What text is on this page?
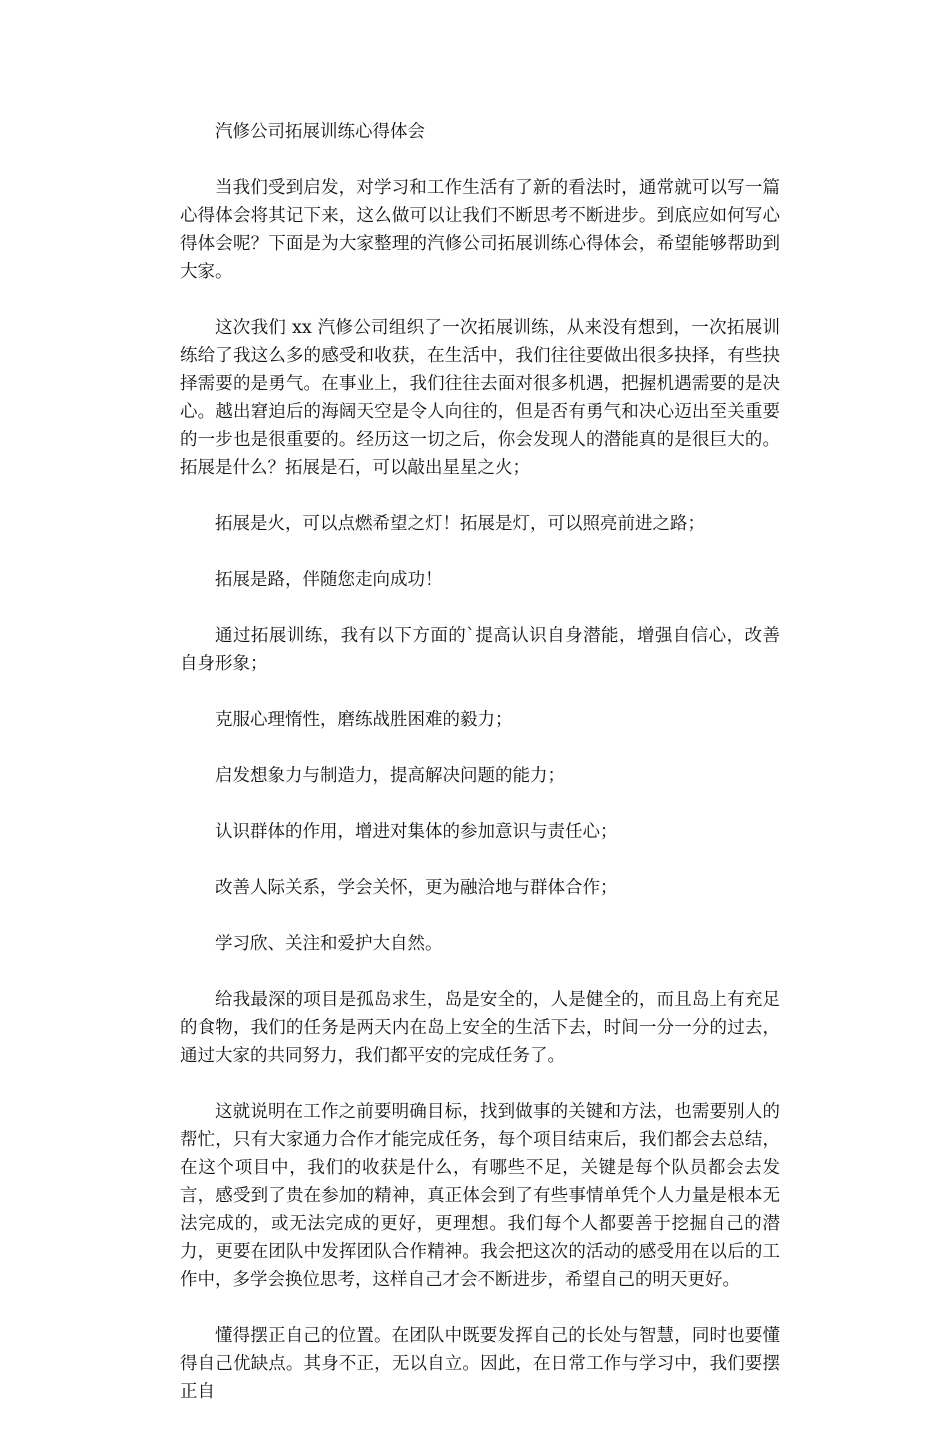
汽修公司拓展训练心得体会

当我们受到启发，对学习和工作生活有了新的看法时，通常就可以写一篇心得体会将其记下来，这么做可以让我们不断思考不断进步。到底应如何写心得体会呢？下面是为大家整理的汽修公司拓展训练心得体会，希望能够帮助到大家。

这次我们 xx 汽修公司组织了一次拓展训练，从来没有想到，一次拓展训练给了我这么多的感受和收获，在生活中，我们往往要做出很多抉择，有些抉择需要的是勇气。在事业上，我们往往去面对很多机遇，把握机遇需要的是决心。越出窘迫后的海阔天空是令人向往的，但是否有勇气和决心迈出至关重要的一步也是很重要的。经历这一切之后，你会发现人的潜能真的是很巨大的。拓展是什么？拓展是石，可以敲出星星之火；

拓展是火，可以点燃希望之灯！拓展是灯，可以照亮前进之路；

拓展是路，伴随您走向成功！

通过拓展训练，我有以下方面的`提高认识自身潜能，增强自信心，改善自身形象；

克服心理惰性，磨练战胜困难的毅力；

启发想象力与制造力，提高解决问题的能力；

认识群体的作用，增进对集体的参加意识与责任心；

改善人际关系，学会关怀，更为融洽地与群体合作；

学习欣、关注和爱护大自然。

给我最深的项目是孤岛求生，岛是安全的，人是健全的，而且岛上有充足的食物，我们的任务是两天内在岛上安全的生活下去，时间一分一分的过去，通过大家的共同努力，我们都平安的完成任务了。

这就说明在工作之前要明确目标，找到做事的关键和方法，也需要别人的帮忙，只有大家通力合作才能完成任务，每个项目结束后，我们都会去总结，在这个项目中，我们的收获是什么，有哪些不足，关键是每个队员都会去发言，感受到了贵在参加的精神，真正体会到了有些事情单凭个人力量是根本无法完成的，或无法完成的更好，更理想。我们每个人都要善于挖掘自己的潜力，更要在团队中发挥团队合作精神。我会把这次的活动的感受用在以后的工作中，多学会换位思考，这样自己才会不断进步，希望自己的明天更好。

懂得摆正自己的位置。在团队中既要发挥自己的长处与智慧，同时也要懂得自己优缺点。其身不正，无以自立。因此，在日常工作与学习中，我们要摆正自
